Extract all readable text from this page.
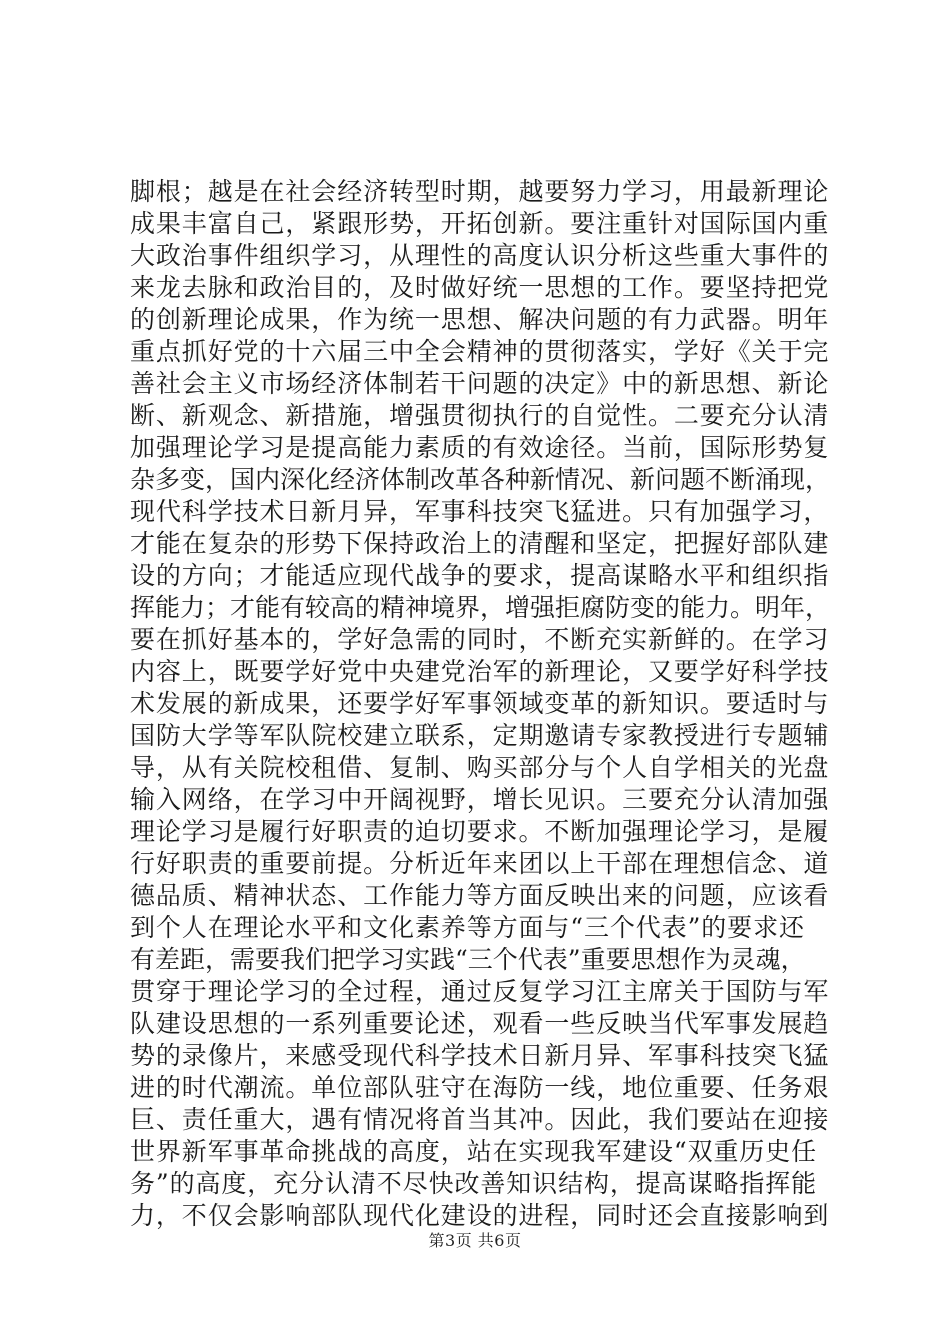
脚根；越是在社会经济转型时期，越要努力学习，用最新理论
成果丰富自己，紧跟形势，开拓创新。要注重针对国际国内重
大政治事件组织学习，从理性的高度认识分析这些重大事件的
来龙去脉和政治目的，及时做好统一思想的工作。要坚持把党
的创新理论成果，作为统一思想、解决问题的有力武器。明年
重点抓好党的十六届三中全会精神的贯彻落实，学好《关于完
善社会主义市场经济体制若干问题的决定》中的新思想、新论
断、新观念、新措施，增强贯彻执行的自觉性。二要充分认清
加强理论学习是提高能力素质的有效途径。当前，国际形势复
杂多变，国内深化经济体制改革各种新情况、新问题不断涌现，
现代科学技术日新月异，军事科技突飞猛进。只有加强学习，
才能在复杂的形势下保持政治上的清醒和坚定，把握好部队建
设的方向；才能适应现代战争的要求，提高谋略水平和组织指
挥能力；才能有较高的精神境界，增强拒腐防变的能力。明年，
要在抓好基本的，学好急需的同时，不断充实新鲜的。在学习
内容上，既要学好党中央建党治军的新理论，又要学好科学技
术发展的新成果，还要学好军事领域变革的新知识。要适时与
国防大学等军队院校建立联系，定期邀请专家教授进行专题辅
导，从有关院校租借、复制、购买部分与个人自学相关的光盘
输入网络，在学习中开阔视野，增长见识。三要充分认清加强
理论学习是履行好职责的迫切要求。不断加强理论学习，是履
行好职责的重要前提。分析近年来团以上干部在理想信念、道
德品质、精神状态、工作能力等方面反映出来的问题，应该看
到个人在理论水平和文化素养等方面与“三个代表”的要求还
有差距，需要我们把学习实践“三个代表”重要思想作为灵魂，
贯穿于理论学习的全过程，通过反复学习江主席关于国防与军
队建设思想的一系列重要论述，观看一些反映当代军事发展趋
势的录像片，来感受现代科学技术日新月异、军事科技突飞猛
进的时代潮流。单位部队驻守在海防一线，地位重要、任务艰
巨、责任重大，遇有情况将首当其冲。因此，我们要站在迎接
世界新军事革命挑战的高度，站在实现我军建设“双重历史任
务”的高度，充分认清不尽快改善知识结构，提高谋略指挥能
力，不仅会影响部队现代化建设的进程，同时还会直接影响到
第3页 共6页
